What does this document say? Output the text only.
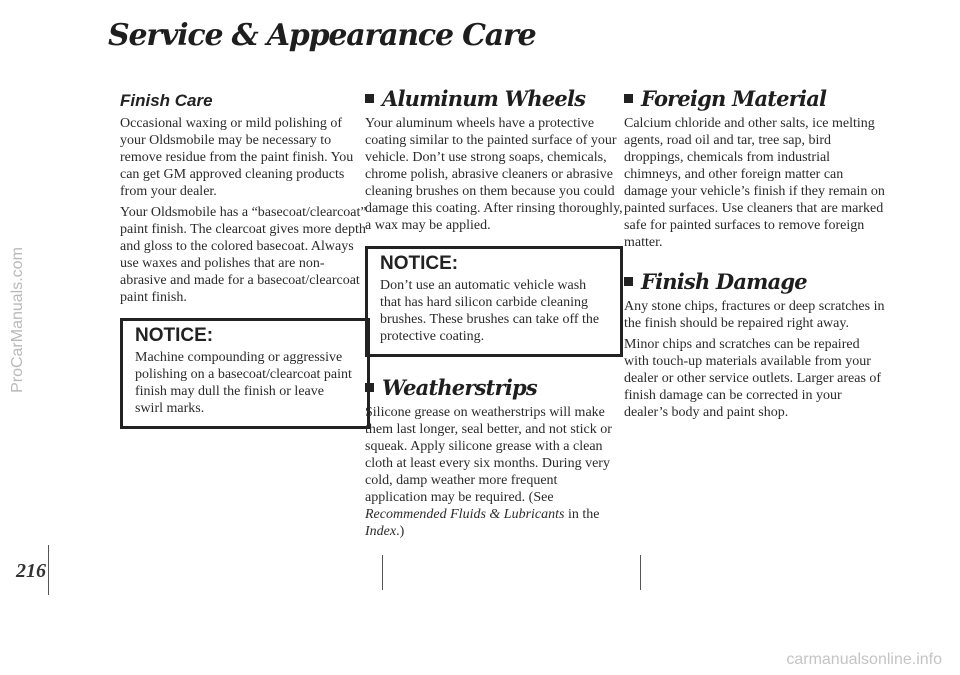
Service & Appearance Care
ProCarManuals.com
216
Finish Care

Occasional waxing or mild polishing of your Oldsmobile may be necessary to remove residue from the paint finish. You can get GM approved cleaning products from your dealer.

Your Oldsmobile has a “basecoat/clearcoat” paint finish. The clearcoat gives more depth and gloss to the colored basecoat. Always use waxes and polishes that are non-abrasive and made for a basecoat/clearcoat paint finish.

NOTICE:
Machine compounding or aggressive polishing on a basecoat/clearcoat paint finish may dull the finish or leave swirl marks.
Aluminum Wheels

Your aluminum wheels have a protective coating similar to the painted surface of your vehicle. Don’t use strong soaps, chemicals, chrome polish, abrasive cleaners or abrasive cleaning brushes on them because you could damage this coating. After rinsing thoroughly, a wax may be applied.

NOTICE:
Don’t use an automatic vehicle wash that has hard silicon carbide cleaning brushes. These brushes can take off the protective coating.
Weatherstrips

Silicone grease on weatherstrips will make them last longer, seal better, and not stick or squeak. Apply silicone grease with a clean cloth at least every six months. During very cold, damp weather more frequent application may be required. (See Recommended Fluids & Lubricants in the Index.)

Foreign Material

Calcium chloride and other salts, ice melting agents, road oil and tar, tree sap, bird droppings, chemicals from industrial chimneys, and other foreign matter can damage your vehicle’s finish if they remain on painted surfaces. Use cleaners that are marked safe for painted surfaces to remove foreign matter.

Finish Damage

Any stone chips, fractures or deep scratches in the finish should be repaired right away.

Minor chips and scratches can be repaired with touch-up materials available from your dealer or other service outlets. Larger areas of finish damage can be corrected in your dealer’s body and paint shop.

carmanualsonline.info
